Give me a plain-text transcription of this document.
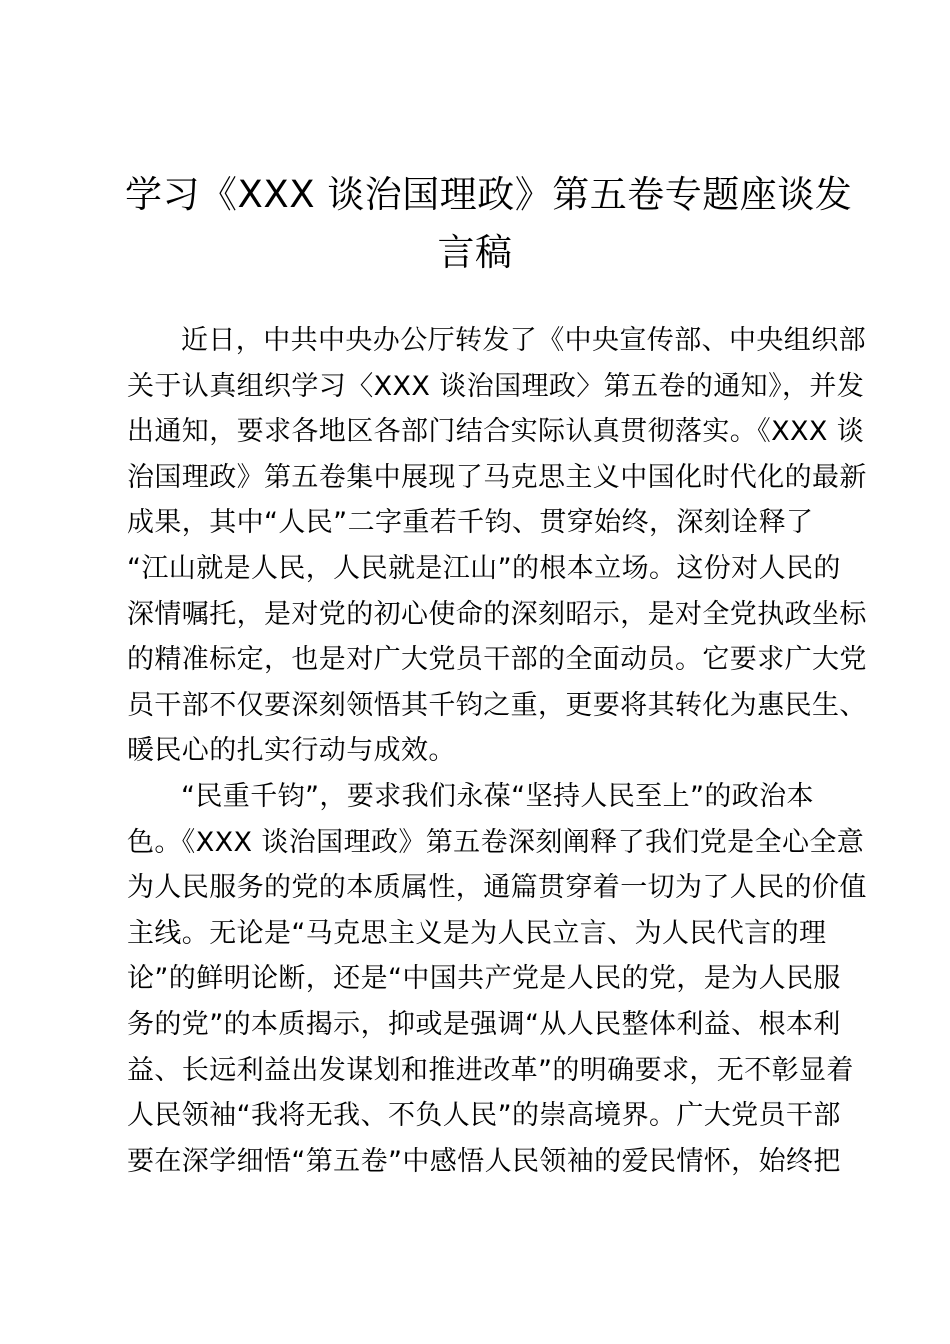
学习《XXX 谈治国理政》第五卷专题座谈发
言稿
近日，中共中央办公厅转发了《中央宣传部、中央组织部
关于认真组织学习〈XXX 谈治国理政〉第五卷的通知》，并发
出通知，要求各地区各部门结合实际认真贯彻落实。《XXX 谈
治国理政》第五卷集中展现了马克思主义中国化时代化的最新
成果，其中“人民”二字重若千钧、贯穿始终，深刻诠释了
“江山就是人民，人民就是江山”的根本立场。这份对人民的
深情嘱托，是对党的初心使命的深刻昭示，是对全党执政坐标
的精准标定，也是对广大党员干部的全面动员。它要求广大党
员干部不仅要深刻领悟其千钧之重，更要将其转化为惠民生、
暖民心的扎实行动与成效。
“民重千钧”，要求我们永葆“坚持人民至上”的政治本
色。《XXX 谈治国理政》第五卷深刻阐释了我们党是全心全意
为人民服务的党的本质属性，通篇贯穿着一切为了人民的价值
主线。无论是“马克思主义是为人民立言、为人民代言的理
论”的鲜明论断，还是“中国共产党是人民的党，是为人民服
务的党”的本质揭示，抑或是强调“从人民整体利益、根本利
益、长远利益出发谋划和推进改革”的明确要求，无不彰显着
人民领袖“我将无我、不负人民”的崇高境界。广大党员干部
要在深学细悟“第五卷”中感悟人民领袖的爱民情怀，始终把
